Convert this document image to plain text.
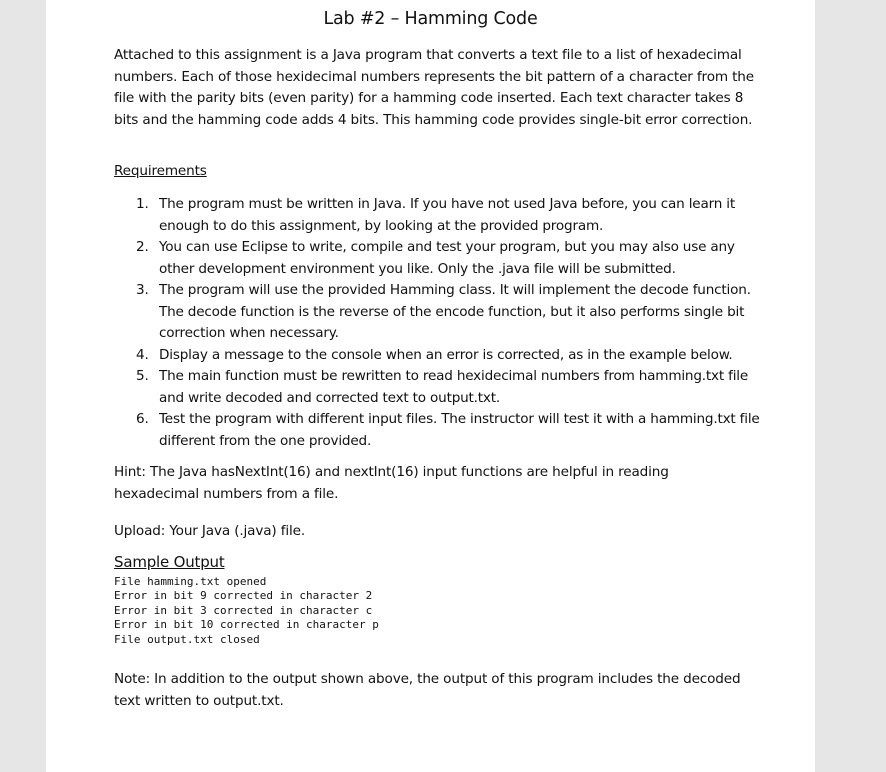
Lab #2 – Hamming Code
Attached to this assignment is a Java program that converts a text file to a list of hexadecimal numbers. Each of those hexidecimal numbers represents the bit pattern of a character from the file with the parity bits (even parity) for a hamming code inserted. Each text character takes 8 bits and the hamming code adds 4 bits. This hamming code provides single-bit error correction.
Requirements
1. The program must be written in Java. If you have not used Java before, you can learn it enough to do this assignment, by looking at the provided program.
2. You can use Eclipse to write, compile and test your program, but you may also use any other development environment you like. Only the .java file will be submitted.
3. The program will use the provided Hamming class. It will implement the decode function. The decode function is the reverse of the encode function, but it also performs single bit correction when necessary.
4. Display a message to the console when an error is corrected, as in the example below.
5. The main function must be rewritten to read hexidecimal numbers from hamming.txt file and write decoded and corrected text to output.txt.
6. Test the program with different input files. The instructor will test it with a hamming.txt file different from the one provided.
Hint: The Java hasNextInt(16) and nextInt(16) input functions are helpful in reading hexadecimal numbers from a file.
Upload: Your Java (.java) file.
Sample Output
File hamming.txt opened
Error in bit 9 corrected in character 2
Error in bit 3 corrected in character c
Error in bit 10 corrected in character p
File output.txt closed
Note: In addition to the output shown above, the output of this program includes the decoded text written to output.txt.
